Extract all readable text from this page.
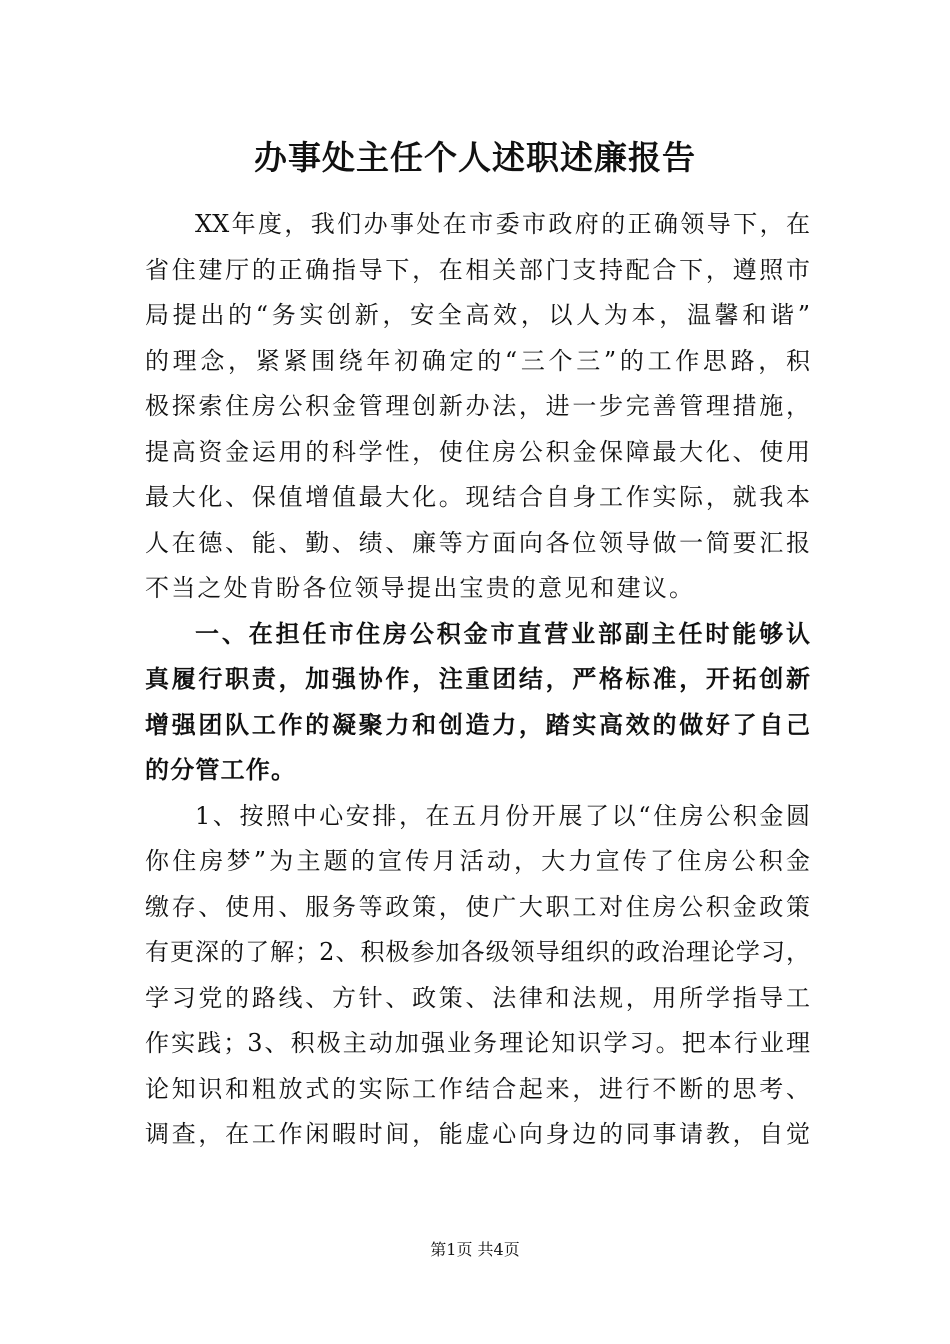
办事处主任个人述职述廉报告
XX年度，我们办事处在市委市政府的正确领导下，在
省住建厅的正确指导下，在相关部门支持配合下，遵照市
局提出的“务实创新，安全高效，以人为本，温馨和谐”
的理念，紧紧围绕年初确定的“三个三”的工作思路，积
极探索住房公积金管理创新办法，进一步完善管理措施，
提高资金运用的科学性，使住房公积金保障最大化、使用
最大化、保值增值最大化。现结合自身工作实际，就我本
人在德、能、勤、绩、廉等方面向各位领导做一简要汇报
不当之处肯盼各位领导提出宝贵的意见和建议。
一、在担任市住房公积金市直营业部副主任时能够认
真履行职责，加强协作，注重团结，严格标准，开拓创新
增强团队工作的凝聚力和创造力，踏实高效的做好了自己
的分管工作。
1、按照中心安排，在五月份开展了以“住房公积金圆
你住房梦”为主题的宣传月活动，大力宣传了住房公积金
缴存、使用、服务等政策，使广大职工对住房公积金政策
有更深的了解；2、积极参加各级领导组织的政治理论学习，
学习党的路线、方针、政策、法律和法规，用所学指导工
作实践；3、积极主动加强业务理论知识学习。把本行业理
论知识和粗放式的实际工作结合起来，进行不断的思考、
调查，在工作闲暇时间，能虚心向身边的同事请教，自觉
第1页 共4页
